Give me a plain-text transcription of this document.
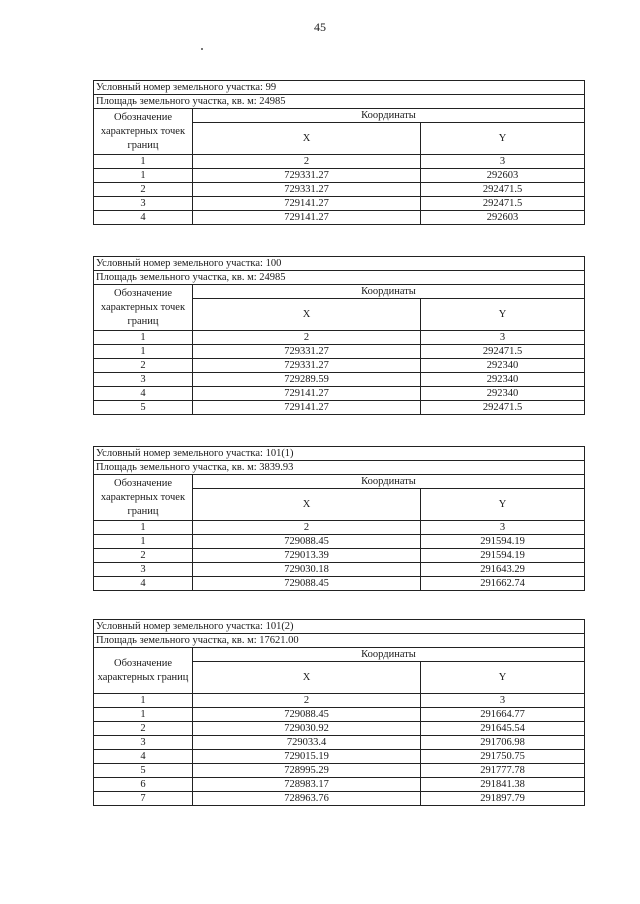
45
Условный номер земельного участка: 99		
Площадь земельного участка, кв. м: 24985		
Обозначение характерных точек границ	Координаты	
	X	Y
1	2	3
1	729331.27	292603
2	729331.27	292471.5
3	729141.27	292471.5
4	729141.27	292603
Условный номер земельного участка: 100		
Площадь земельного участка, кв. м: 24985		
Обозначение характерных точек границ	Координаты	
	X	Y
1	2	3
1	729331.27	292471.5
2	729331.27	292340
3	729289.59	292340
4	729141.27	292340
5	729141.27	292471.5
Условный номер земельного участка: 101(1)		
Площадь земельного участка, кв. м: 3839.93		
Обозначение характерных точек границ	Координаты	
	X	Y
1	2	3
1	729088.45	291594.19
2	729013.39	291594.19
3	729030.18	291643.29
4	729088.45	291662.74
Условный номер земельного участка: 101(2)		
Площадь земельного участка, кв. м: 17621.00		
Обозначение характерных границ	Координаты	
	X	Y
1	2	3
1	729088.45	291664.77
2	729030.92	291645.54
3	729033.4	291706.98
4	729015.19	291750.75
5	728995.29	291777.78
6	728983.17	291841.38
7	728963.76	291897.79
